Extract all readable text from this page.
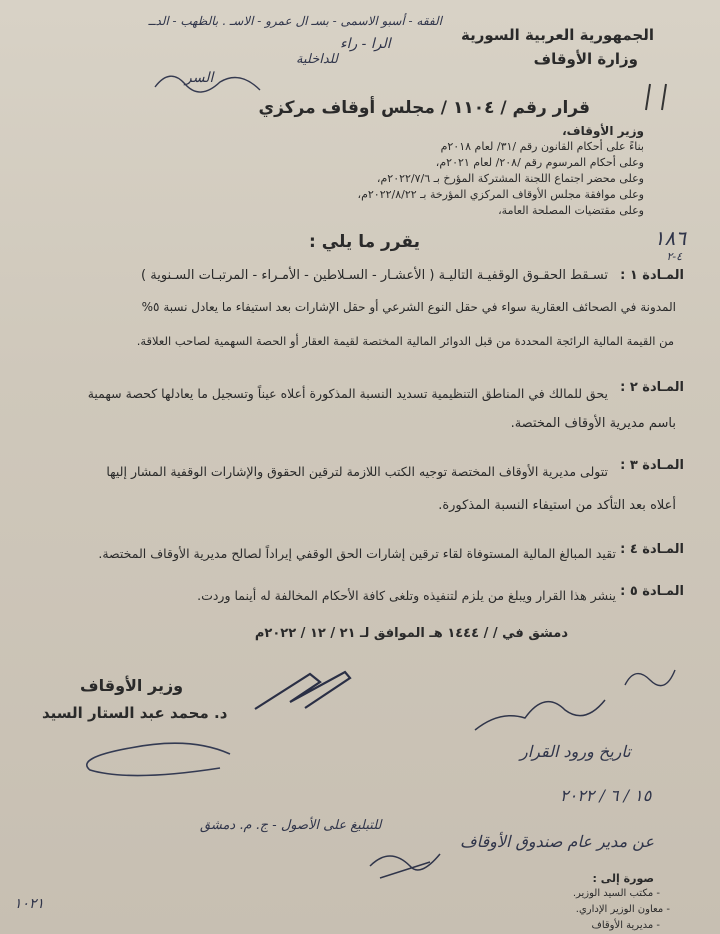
الفقه - أسبو الاسمى - بسـ ال عمرو - الاسـ . بالظهب - الدــ
الرا - راء
للداخلية
السر
الجمهورية العربية السورية
وزارة الأوقاف
قرار رقم / ١١٠٤ / مجلس أوقاف مركزي
وزير الأوقاف،
بناءً على أحكام القانون رقم /٣١/ لعام ٢٠١٨م
وعلى أحكام المرسوم رقم /٢٠٨/ لعام ٢٠٢١م،
وعلى محضر اجتماع اللجنة المشتركة المؤرخ بـ ٢٠٢٢/٧/٦م،
وعلى موافقة مجلس الأوقاف المركزي المؤرخة بـ ٢٠٢٢/٨/٢٢م،
وعلى مقتضيات المصلحة العامة،
يقرر ما يلي :	١٨٦
٤-٢
المـادة ١ :
تسـقط الحقـوق الوقفيـة التاليـة ( الأعشـار - السـلاطين - الأمـراء - المرتبـات السـنوية )
المدونة في الصحائف العقارية سواء في حقل النوع الشرعي أو حقل الإشارات بعد استيفاء ما يعادل نسبة ٥%
من القيمة المالية الرائجة المحددة من قبل الدوائر المالية المختصة لقيمة العقار أو الحصة السهمية لصاحب العلاقة.
المـادة ٢ :
يحق للمالك في المناطق التنظيمية تسديد النسبة المذكورة أعلاه عيناً وتسجيل ما يعادلها كحصة سهمية
باسم مديرية الأوقاف المختصة.
المـادة ٣ :
تتولى مديرية الأوقاف المختصة توجيه الكتب اللازمة لترقين الحقوق والإشارات الوقفية المشار إليها
أعلاه بعد التأكد من استيفاء النسبة المذكورة.
المـادة ٤ :
تقيد المبالغ المالية المستوفاة لقاء ترقين إشارات الحق الوقفي إيراداً لصالح مديرية الأوقاف المختصة.
المـادة ٥ :
ينشر هذا القرار ويبلغ من يلزم لتنفيذه وتلغى كافة الأحكام المخالفة له أينما وردت.
دمشق في / / ١٤٤٤ هـ الموافق لـ ٢١ / ١٢ / ٢٠٢٢م
وزير الأوقاف
د. محمد عبد الستار السيد
تاريخ ورود القرار
١٥ / ٦ / ٢٠٢٢
عن مدير عام صندوق الأوقاف
للتبليغ على الأصول - ج. م. دمشق
صورة إلى :
- مكتب السيد الوزير.
- معاون الوزير الإداري.
- مديرية الأوقاف
١٠٢١
